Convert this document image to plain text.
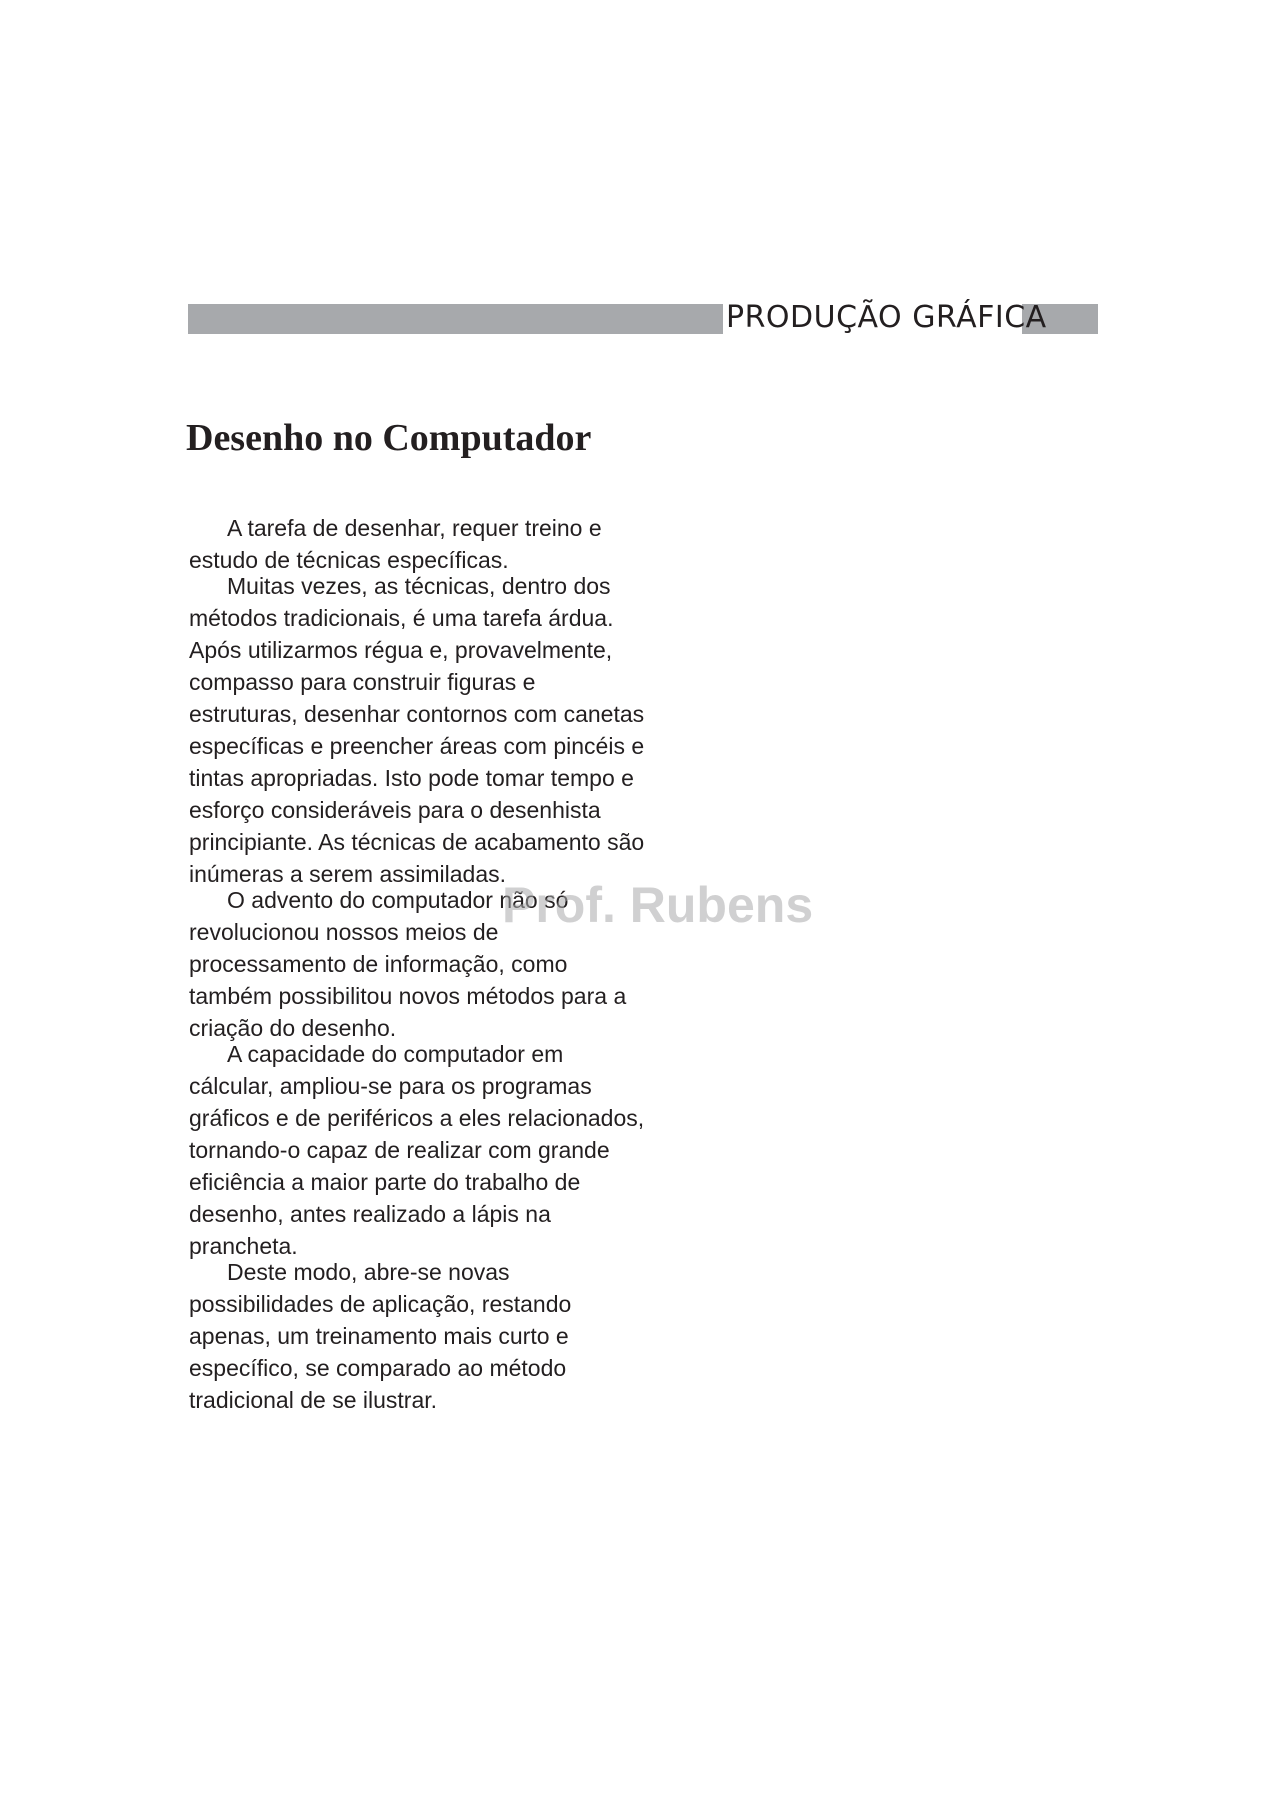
PRODUÇÃO GRÁFICA
Desenho no Computador

A tarefa de desenhar, requer treino e estudo de técnicas específicas.

Muitas vezes, as técnicas, dentro dos métodos tradicionais, é uma tarefa árdua. Após utilizarmos régua e, provavelmente, compasso para construir figuras e estruturas, desenhar contornos com canetas específicas e preencher áreas com pincéis e tintas apropriadas. Isto pode tomar tempo e esforço consideráveis para o desenhista principiante. As técnicas de acabamento são inúmeras a serem assimiladas.

O advento do computador não só revolucionou nossos meios de processamento de informação, como também possibilitou novos métodos para a criação do desenho.

A capacidade do computador em cálcular, ampliou-se para os programas gráficos e de periféricos a eles relacionados, tornando-o capaz de realizar com grande eficiência a maior parte do trabalho de desenho, antes realizado a lápis na prancheta.

Deste modo, abre-se novas possibilidades de aplicação, restando apenas, um treinamento mais curto e específico, se comparado ao método tradicional de se ilustrar.

Prof. Rubens
